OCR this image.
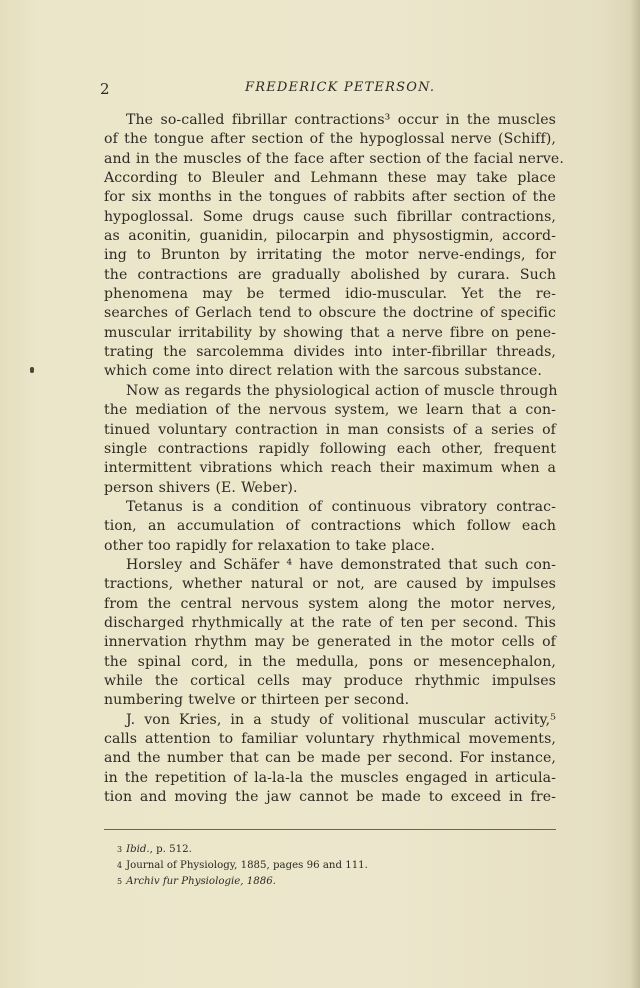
2	FREDERICK PETERSON.
The so-called fibrillar contractions³ occur in the muscles
of the tongue after section of the hypoglossal nerve (Schiff),
and in the muscles of the face after section of the facial nerve.
According to Bleuler and Lehmann these may take place
for six months in the tongues of rabbits after section of the
hypoglossal. Some drugs cause such fibrillar contractions,
as aconitin, guanidin, pilocarpin and physostigmin, accord-
ing to Brunton by irritating the motor nerve-endings, for
the contractions are gradually abolished by curara. Such
phenomena may be termed idio-muscular. Yet the re-
searches of Gerlach tend to obscure the doctrine of specific
muscular irritability by showing that a nerve fibre on pene-
trating the sarcolemma divides into inter-fibrillar threads,
which come into direct relation with the sarcous substance.
Now as regards the physiological action of muscle through
the mediation of the nervous system, we learn that a con-
tinued voluntary contraction in man consists of a series of
single contractions rapidly following each other, frequent
intermittent vibrations which reach their maximum when a
person shivers (E. Weber).
Tetanus is a condition of continuous vibratory contrac-
tion, an accumulation of contractions which follow each
other too rapidly for relaxation to take place.
Horsley and Schäfer ⁴ have demonstrated that such con-
tractions, whether natural or not, are caused by impulses
from the central nervous system along the motor nerves,
discharged rhythmically at the rate of ten per second. This
innervation rhythm may be generated in the motor cells of
the spinal cord, in the medulla, pons or mesencephalon,
while the cortical cells may produce rhythmic impulses
numbering twelve or thirteen per second.
J. von Kries, in a study of volitional muscular activity,⁵
calls attention to familiar voluntary rhythmical movements,
and the number that can be made per second. For instance,
in the repetition of la-la-la the muscles engaged in articula-
tion and moving the jaw cannot be made to exceed in fre-
3 Ibid., p. 512.
4 Journal of Physiology, 1885, pages 96 and 111.
5 Archiv fur Physiologie, 1886.
